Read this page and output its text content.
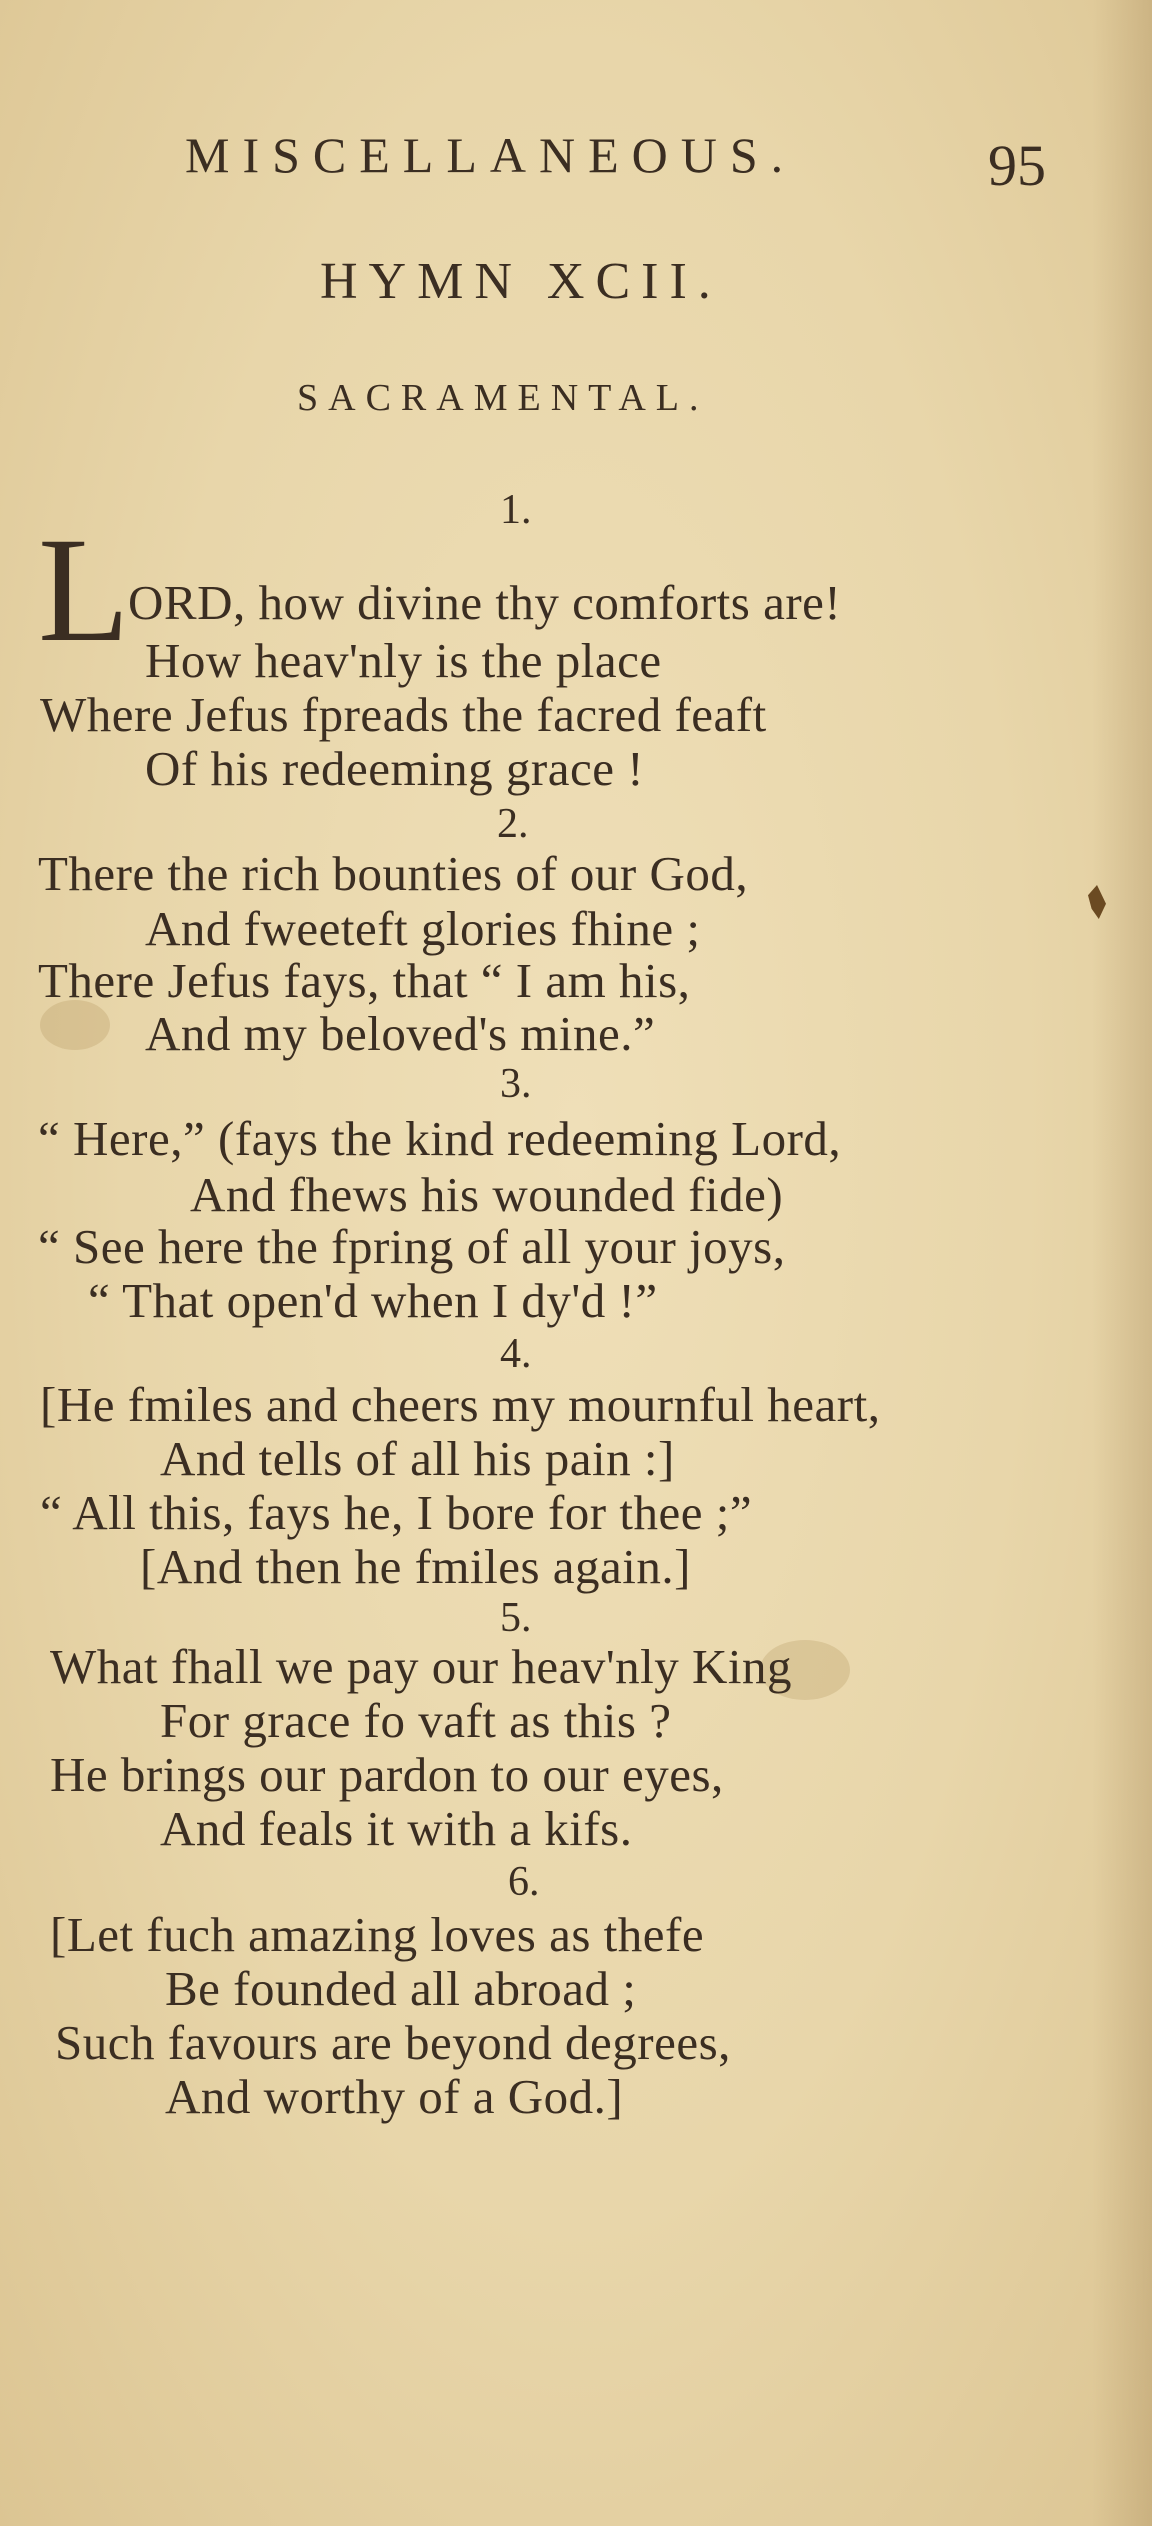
MISCELLANEOUS.	95
HYMN XCII.
SACRAMENTAL.
1.
L
ORD, how divine thy comforts are!
How heav'nly is the place
Where Jefus fpreads the facred feaft
Of his redeeming grace !
2.
There the rich bounties of our God,
And fweeteft glories fhine ;
There Jefus fays, that “ I am his,
And my beloved's mine.”
3.
“ Here,” (fays the kind redeeming Lord,
And fhews his wounded fide)
“ See here the fpring of all your joys,
“ That open'd when I dy'd !”
4.
[He fmiles and cheers my mournful heart,
And tells of all his pain :]
“ All this, fays he, I bore for thee ;”
[And then he fmiles again.]
5.
What fhall we pay our heav'nly King
For grace fo vaft as this ?
He brings our pardon to our eyes,
And feals it with a kifs.
6.
[Let fuch amazing loves as thefe
Be founded all abroad ;
Such favours are beyond degrees,
And worthy of a God.]
